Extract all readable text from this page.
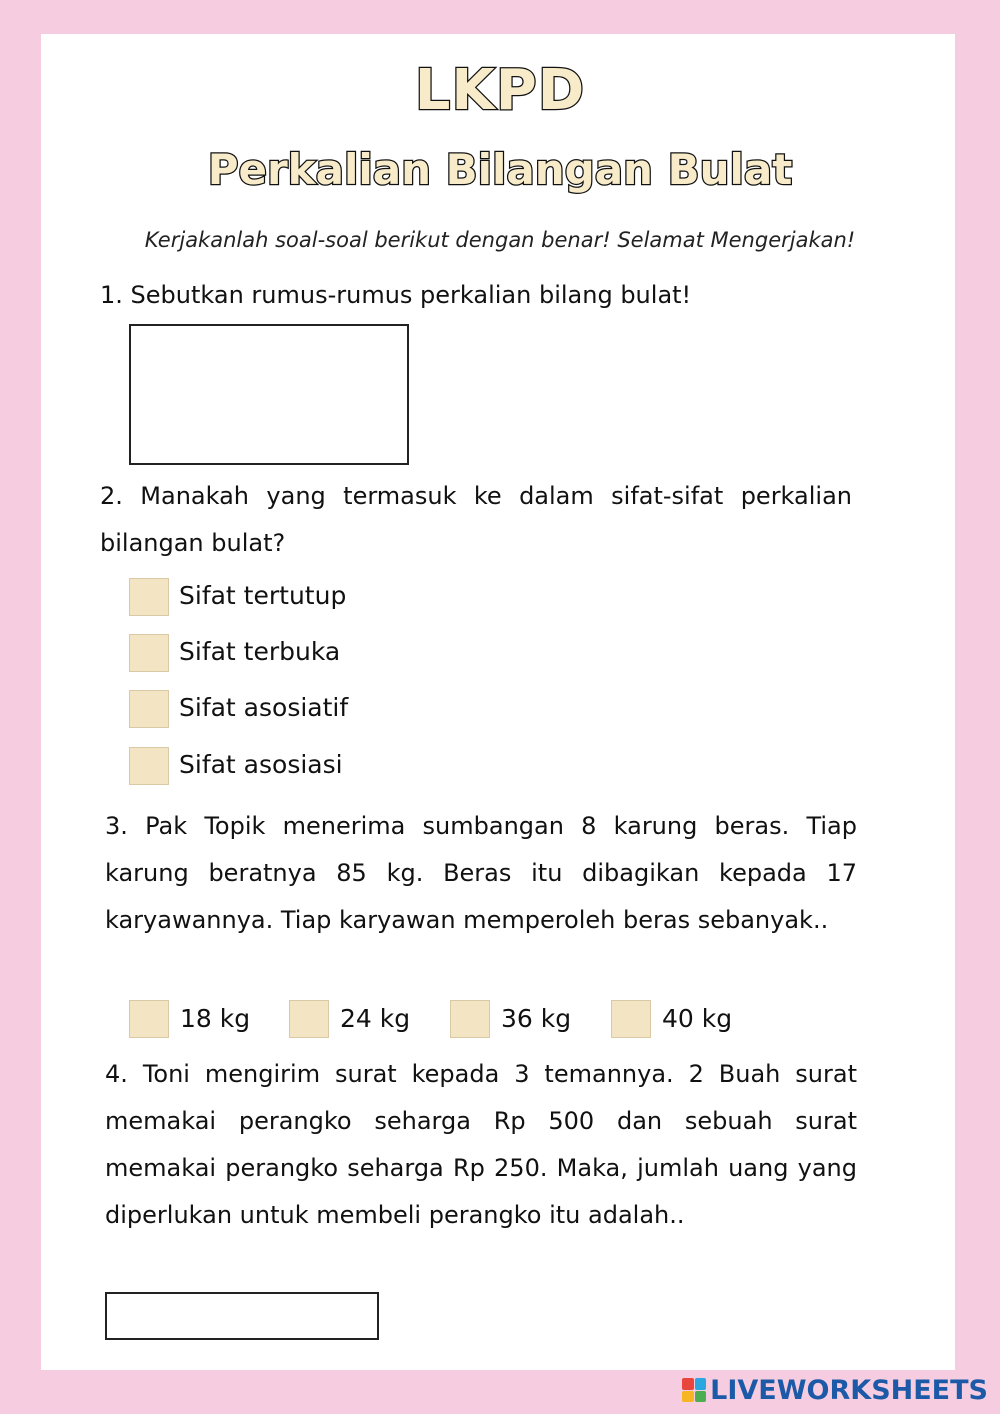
LKPD
Perkalian Bilangan Bulat
Kerjakanlah soal-soal berikut dengan benar! Selamat Mengerjakan!
1. Sebutkan rumus-rumus perkalian bilang bulat!
2. Manakah yang termasuk ke dalam sifat-sifat perkalian bilangan bulat?
Sifat tertutup
Sifat terbuka
Sifat asosiatif
Sifat asosiasi
3. Pak Topik menerima sumbangan 8 karung beras. Tiap karung beratnya 85 kg. Beras itu dibagikan kepada 17 karyawannya. Tiap karyawan memperoleh beras sebanyak..
18 kg	24 kg	36 kg	40 kg
4. Toni mengirim surat kepada 3 temannya. 2 Buah surat memakai perangko seharga Rp 500 dan sebuah surat memakai perangko seharga Rp 250. Maka, jumlah uang yang diperlukan untuk membeli perangko itu adalah..
LIVEWORKSHEETS
